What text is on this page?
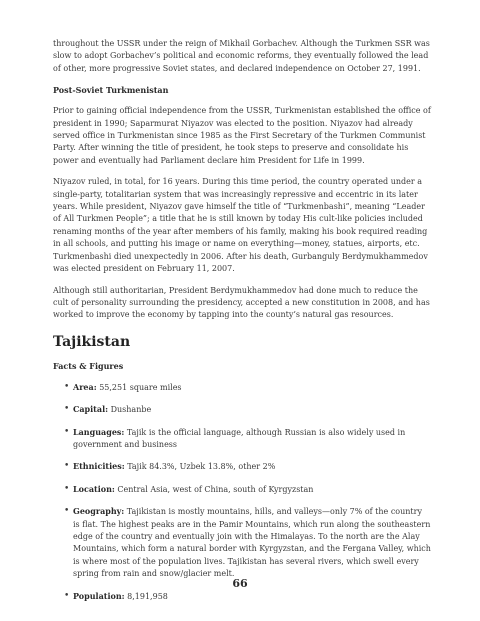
throughout the USSR under the reign of Mikhail Gorbachev. Although the Turkmen SSR was slow to adopt Gorbachev’s political and economic reforms, they eventually followed the lead of other, more progressive Soviet states, and declared independence on October 27, 1991.

Post-Soviet Turkmenistan

Prior to gaining official independence from the USSR, Turkmenistan established the office of president in 1990; Saparmurat Niyazov was elected to the position. Niyazov had already served office in Turkmenistan since 1985 as the First Secretary of the Turkmen Communist Party. After winning the title of president, he took steps to preserve and consolidate his power and eventually had Parliament declare him President for Life in 1999.

Niyazov ruled, in total, for 16 years. During this time period, the country operated under a single-party, totalitarian system that was increasingly repressive and eccentric in its later years. While president, Niyazov gave himself the title of “Turkmenbashi”, meaning “Leader of All Turkmen People”; a title that he is still known by today His cult-like policies included renaming months of the year after members of his family, making his book required reading in all schools, and putting his image or name on everything—money, statues, airports, etc. Turkmenbashi died unexpectedly in 2006. After his death, Gurbanguly Berdymukhammedov was elected president on February 11, 2007.

Although still authoritarian, President Berdymukhammedov had done much to reduce the cult of personality surrounding the presidency, accepted a new constitution in 2008, and has worked to improve the economy by tapping into the county’s natural gas resources.

Tajikistan
Facts & Figures
• Area: 55,251 square miles
• Capital: Dushanbe
• Languages: Tajik is the official language, although Russian is also widely used in government and business
• Ethnicities: Tajik 84.3%, Uzbek 13.8%, other 2%
• Location: Central Asia, west of China, south of Kyrgyzstan
• Geography: Tajikistan is mostly mountains, hills, and valleys—only 7% of the country is flat. The highest peaks are in the Pamir Mountains, which run along the southeastern edge of the country and eventually join with the Himalayas. To the north are the Alay Mountains, which form a natural border with Kyrgyzstan, and the Fergana Valley, which is where most of the population lives. Tajikistan has several rivers, which swell every spring from rain and snow/glacier melt.
• Population: 8,191,958
66
